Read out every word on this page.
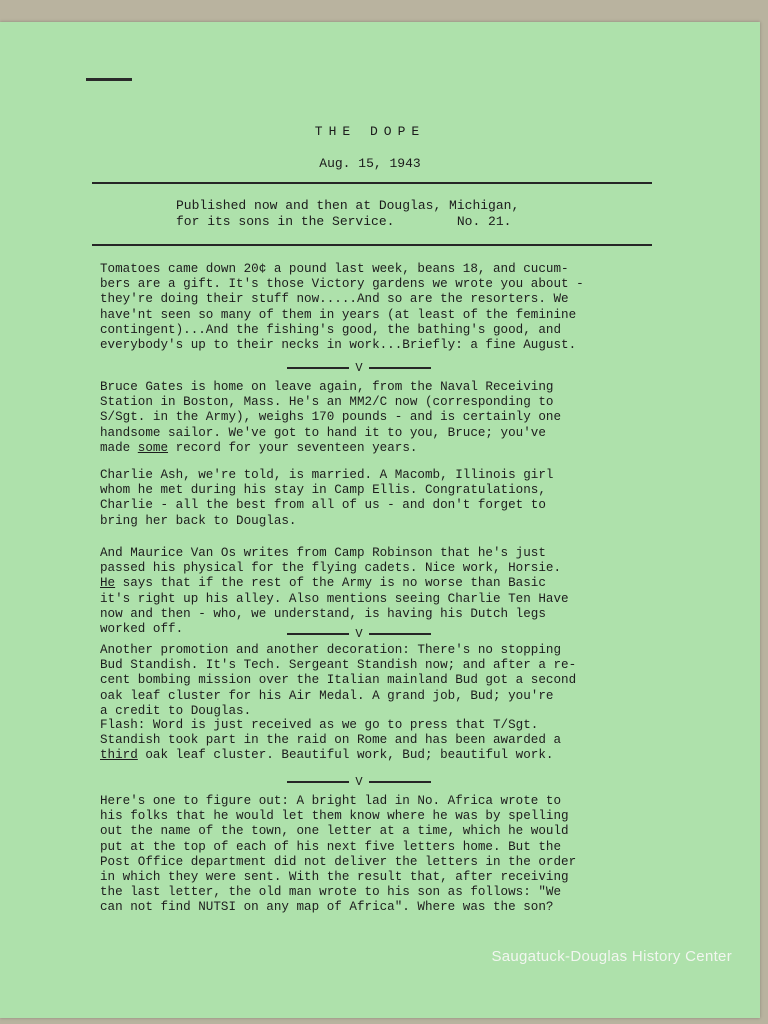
THE DOPE
Aug. 15, 1943
Published now and then at Douglas, Michigan,
for its sons in the Service.        No. 21.

Tomatoes came down 20¢ a pound last week, beans 18, and cucum-
bers are a gift. It's those Victory gardens we wrote you about -
they're doing their stuff now.....And so are the resorters. We
have'nt seen so many of them in years (at least of the feminine
contingent)...And the fishing's good, the bathing's good, and
everybody's up to their necks in work...Briefly: a fine August.

V

Bruce Gates is home on leave again, from the Naval Receiving
Station in Boston, Mass. He's an MM2/C now (corresponding to
S/Sgt. in the Army), weighs 170 pounds - and is certainly one
handsome sailor. We've got to hand it to you, Bruce; you've
made some record for your seventeen years.

Charlie Ash, we're told, is married. A Macomb, Illinois girl
whom he met during his stay in Camp Ellis. Congratulations,
Charlie - all the best from all of us - and don't forget to
bring her back to Douglas.

And Maurice Van Os writes from Camp Robinson that he's just
passed his physical for the flying cadets. Nice work, Horsie.
He says that if the rest of the Army is no worse than Basic
it's right up his alley. Also mentions seeing Charlie Ten Have
now and then - who, we understand, is having his Dutch legs
worked off.	V

Another promotion and another decoration: There's no stopping
Bud Standish. It's Tech. Sergeant Standish now; and after a re-
cent bombing mission over the Italian mainland Bud got a second
oak leaf cluster for his Air Medal. A grand job, Bud; you're
a credit to Douglas.

Flash: Word is just received as we go to press that T/Sgt.
Standish took part in the raid on Rome and has been awarded a
third oak leaf cluster. Beautiful work, Bud; beautiful work.

V

Here's one to figure out: A bright lad in No. Africa wrote to
his folks that he would let them know where he was by spelling
out the name of the town, one letter at a time, which he would
put at the top of each of his next five letters home. But the
Post Office department did not deliver the letters in the order
in which they were sent. With the result that, after receiving
the last letter, the old man wrote to his son as follows: "We
can not find NUTSI on any map of Africa". Where was the son?

Saugatuck-Douglas History Center
